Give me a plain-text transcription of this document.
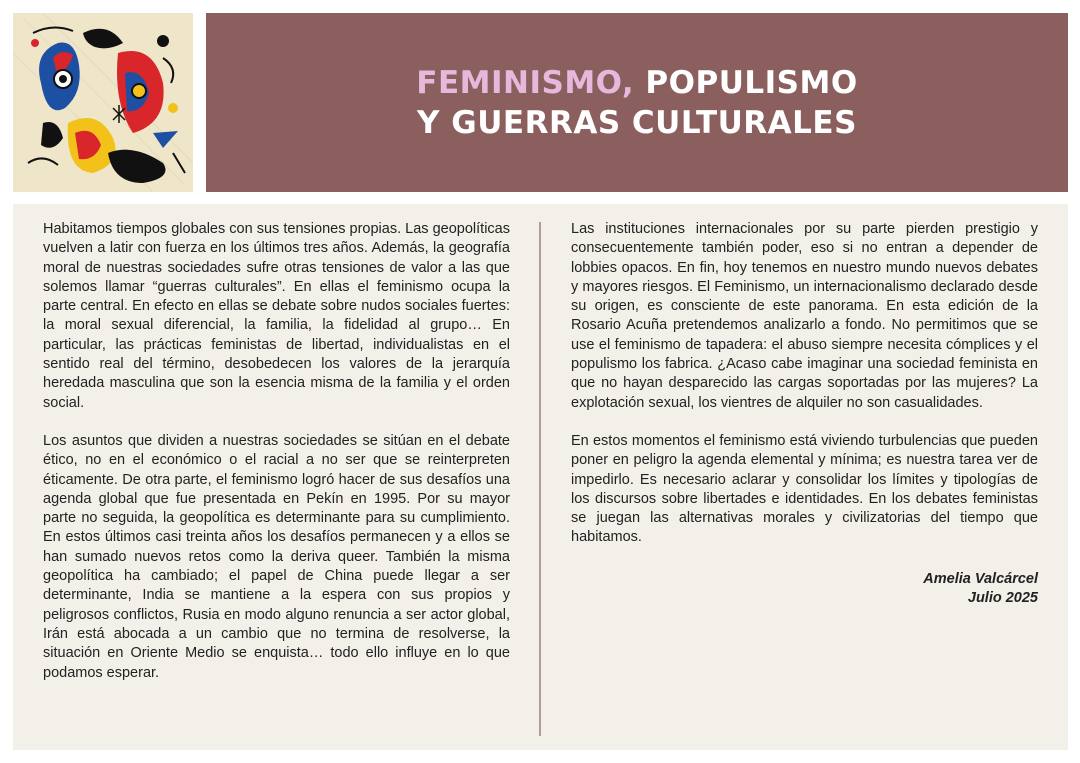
FEMINISMO, POPULISMO
Y GUERRAS CULTURALES

Habitamos tiempos globales con sus tensiones propias. Las geopolíticas vuelven a latir con fuerza en los últimos tres años. Además, la geografía moral de nuestras sociedades sufre otras tensiones de valor a las que solemos llamar “guerras culturales”. En ellas el feminismo ocupa la parte central. En efecto en ellas se debate sobre nudos sociales fuertes: la moral sexual diferencial, la familia, la fidelidad al grupo… En particular, las prácticas feministas de libertad, individualistas en el sentido real del término, desobedecen los valores de la jerarquía heredada masculina que son la esencia misma de la familia y el orden social.

Los asuntos que dividen a nuestras sociedades se sitúan en el debate ético, no en el económico o el racial a no ser que se reinterpreten éticamente. De otra parte, el feminismo logró hacer de sus desafíos una agenda global que fue presentada en Pekín en 1995. Por su mayor parte no seguida, la geopolítica es determinante para su cumplimiento. En estos últimos casi treinta años los desafíos permanecen y a ellos se han sumado nuevos retos como la deriva queer. También la misma geopolítica ha cambiado; el papel de China puede llegar a ser determinante, India se mantiene a la espera con sus propios y peligrosos conflictos, Rusia en modo alguno renuncia a ser actor global, Irán está abocada a un cambio que no termina de resolverse, la situación en Oriente Medio se enquista… todo ello influye en lo que podamos esperar.

Las instituciones internacionales por su parte pierden prestigio y consecuentemente también poder, eso si no entran a depender de lobbies opacos. En fin, hoy tenemos en nuestro mundo nuevos debates y mayores riesgos. El Feminismo, un internacionalismo declarado desde su origen, es consciente de este panorama. En esta edición de la Rosario Acuña pretendemos analizarlo a fondo. No permitimos que se use el feminismo de tapadera: el abuso siempre necesita cómplices y el populismo los fabrica. ¿Acaso cabe imaginar una sociedad feminista en que no hayan desparecido las cargas soportadas por las mujeres? La explotación sexual, los vientres de alquiler no son casualidades.

En estos momentos el feminismo está viviendo turbulencias que pueden poner en peligro la agenda elemental y mínima; es nuestra tarea ver de impedirlo. Es necesario aclarar y consolidar los límites y tipologías de los discursos sobre libertades e identidades. En los debates feministas se juegan las alternativas morales y civilizatorias del tiempo que habitamos.

Amelia Valcárcel
Julio 2025
